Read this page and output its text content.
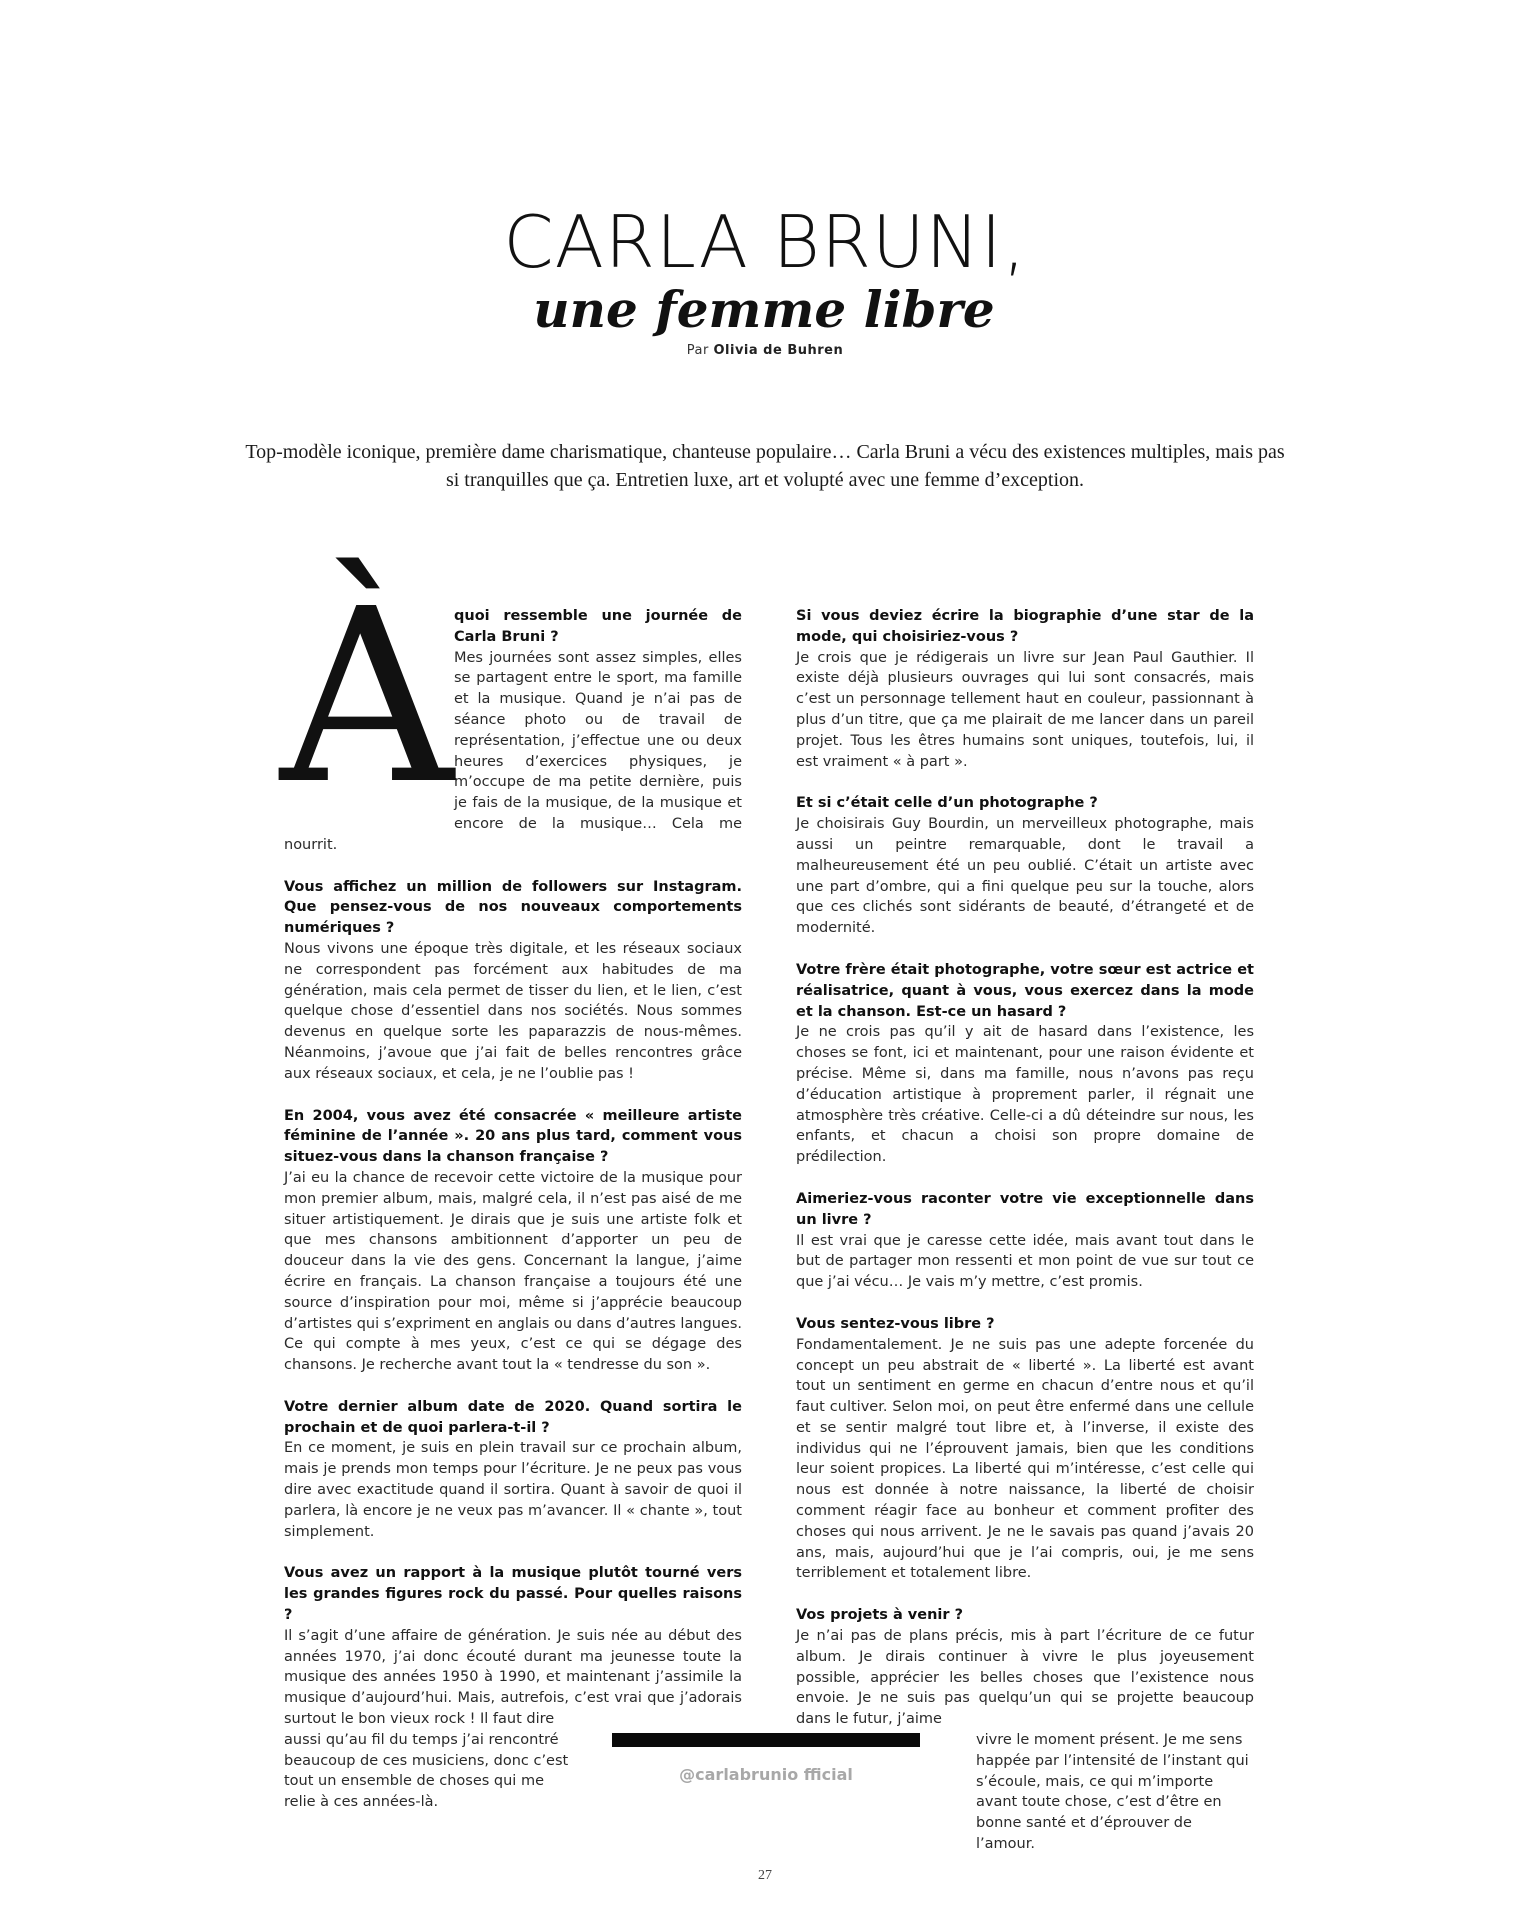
CARLA BRUNI,
une femme libre
Par Olivia de Buhren

Top-modèle iconique, première dame charismatique, chanteuse populaire… Carla Bruni a vécu des existences multiples, mais pas si tranquilles que ça. Entretien luxe, art et volupté avec une femme d’exception.

À quoi ressemble une journée de Carla Bruni ?

Mes journées sont assez simples, elles se partagent entre le sport, ma famille et la musique. Quand je n’ai pas de séance photo ou de travail de représentation, j’effectue une ou deux heures d’exercices physiques, je m’occupe de ma petite dernière, puis je fais de la musique, de la musique et encore de la musique… Cela me nourrit.

Vous affichez un million de followers sur Instagram. Que pensez-vous de nos nouveaux comportements numériques ?

Nous vivons une époque très digitale, et les réseaux sociaux ne correspondent pas forcément aux habitudes de ma génération, mais cela permet de tisser du lien, et le lien, c’est quelque chose d’essentiel dans nos sociétés. Nous sommes devenus en quelque sorte les paparazzis de nous-mêmes. Néanmoins, j’avoue que j’ai fait de belles rencontres grâce aux réseaux sociaux, et cela, je ne l’oublie pas !

En 2004, vous avez été consacrée « meilleure artiste féminine de l’année ». 20 ans plus tard, comment vous situez-vous dans la chanson française ?

J’ai eu la chance de recevoir cette victoire de la musique pour mon premier album, mais, malgré cela, il n’est pas aisé de me situer artistiquement. Je dirais que je suis une artiste folk et que mes chansons ambitionnent d’apporter un peu de douceur dans la vie des gens. Concernant la langue, j’aime écrire en français. La chanson française a toujours été une source d’inspiration pour moi, même si j’apprécie beaucoup d’artistes qui s’expriment en anglais ou dans d’autres langues. Ce qui compte à mes yeux, c’est ce qui se dégage des chansons. Je recherche avant tout la « tendresse du son ».

Votre dernier album date de 2020. Quand sortira le prochain et de quoi parlera-t-il ?

En ce moment, je suis en plein travail sur ce prochain album, mais je prends mon temps pour l’écriture. Je ne peux pas vous dire avec exactitude quand il sortira. Quant à savoir de quoi il parlera, là encore je ne veux pas m’avancer. Il « chante », tout simplement.

Vous avez un rapport à la musique plutôt tourné vers les grandes figures rock du passé. Pour quelles raisons ?

Il s’agit d’une affaire de génération. Je suis née au début des années 1970, j’ai donc écouté durant ma jeunesse toute la musique des années 1950 à 1990, et maintenant j’assimile la musique d’aujourd’hui. Mais, autrefois, c’est vrai que j’adorais surtout le bon vieux rock ! Il faut dire

aussi qu’au fil du temps j’ai rencontré beaucoup de ces musiciens, donc c’est tout un ensemble de choses qui me relie à ces années-là.

Si vous deviez écrire la biographie d’une star de la mode, qui choisiriez-vous ?

Je crois que je rédigerais un livre sur Jean Paul Gauthier. Il existe déjà plusieurs ouvrages qui lui sont consacrés, mais c’est un personnage tellement haut en couleur, passionnant à plus d’un titre, que ça me plairait de me lancer dans un pareil projet. Tous les êtres humains sont uniques, toutefois, lui, il est vraiment « à part ».

Et si c’était celle d’un photographe ?

Je choisirais Guy Bourdin, un merveilleux photographe, mais aussi un peintre remarquable, dont le travail a malheureusement été un peu oublié. C’était un artiste avec une part d’ombre, qui a fini quelque peu sur la touche, alors que ces clichés sont sidérants de beauté, d’étrangeté et de modernité.

Votre frère était photographe, votre sœur est actrice et réalisatrice, quant à vous, vous exercez dans la mode et la chanson. Est-ce un hasard ?

Je ne crois pas qu’il y ait de hasard dans l’existence, les choses se font, ici et maintenant, pour une raison évidente et précise. Même si, dans ma famille, nous n’avons pas reçu d’éducation artistique à proprement parler, il régnait une atmosphère très créative. Celle-ci a dû déteindre sur nous, les enfants, et chacun a choisi son propre domaine de prédilection.

Aimeriez-vous raconter votre vie exceptionnelle dans un livre ?

Il est vrai que je caresse cette idée, mais avant tout dans le but de partager mon ressenti et mon point de vue sur tout ce que j’ai vécu… Je vais m’y mettre, c’est promis.

Vous sentez-vous libre ?

Fondamentalement. Je ne suis pas une adepte forcenée du concept un peu abstrait de « liberté ». La liberté est avant tout un sentiment en germe en chacun d’entre nous et qu’il faut cultiver. Selon moi, on peut être enfermé dans une cellule et se sentir malgré tout libre et, à l’inverse, il existe des individus qui ne l’éprouvent jamais, bien que les conditions leur soient propices. La liberté qui m’intéresse, c’est celle qui nous est donnée à notre naissance, la liberté de choisir comment réagir face au bonheur et comment profiter des choses qui nous arrivent. Je ne le savais pas quand j’avais 20 ans, mais, aujourd’hui que je l’ai compris, oui, je me sens terriblement et totalement libre.

Vos projets à venir ?

Je n’ai pas de plans précis, mis à part l’écriture de ce futur album. Je dirais continuer à vivre le plus joyeusement possible, apprécier les belles choses que l’existence nous envoie. Je ne suis pas quelqu’un qui se projette beaucoup dans le futur, j’aime

vivre le moment présent. Je me sens happée par l’intensité de l’instant qui s’écoule, mais, ce qui m’importe avant toute chose, c’est d’être en bonne santé et d’éprouver de l’amour.

@carlabrunio fficial
27
